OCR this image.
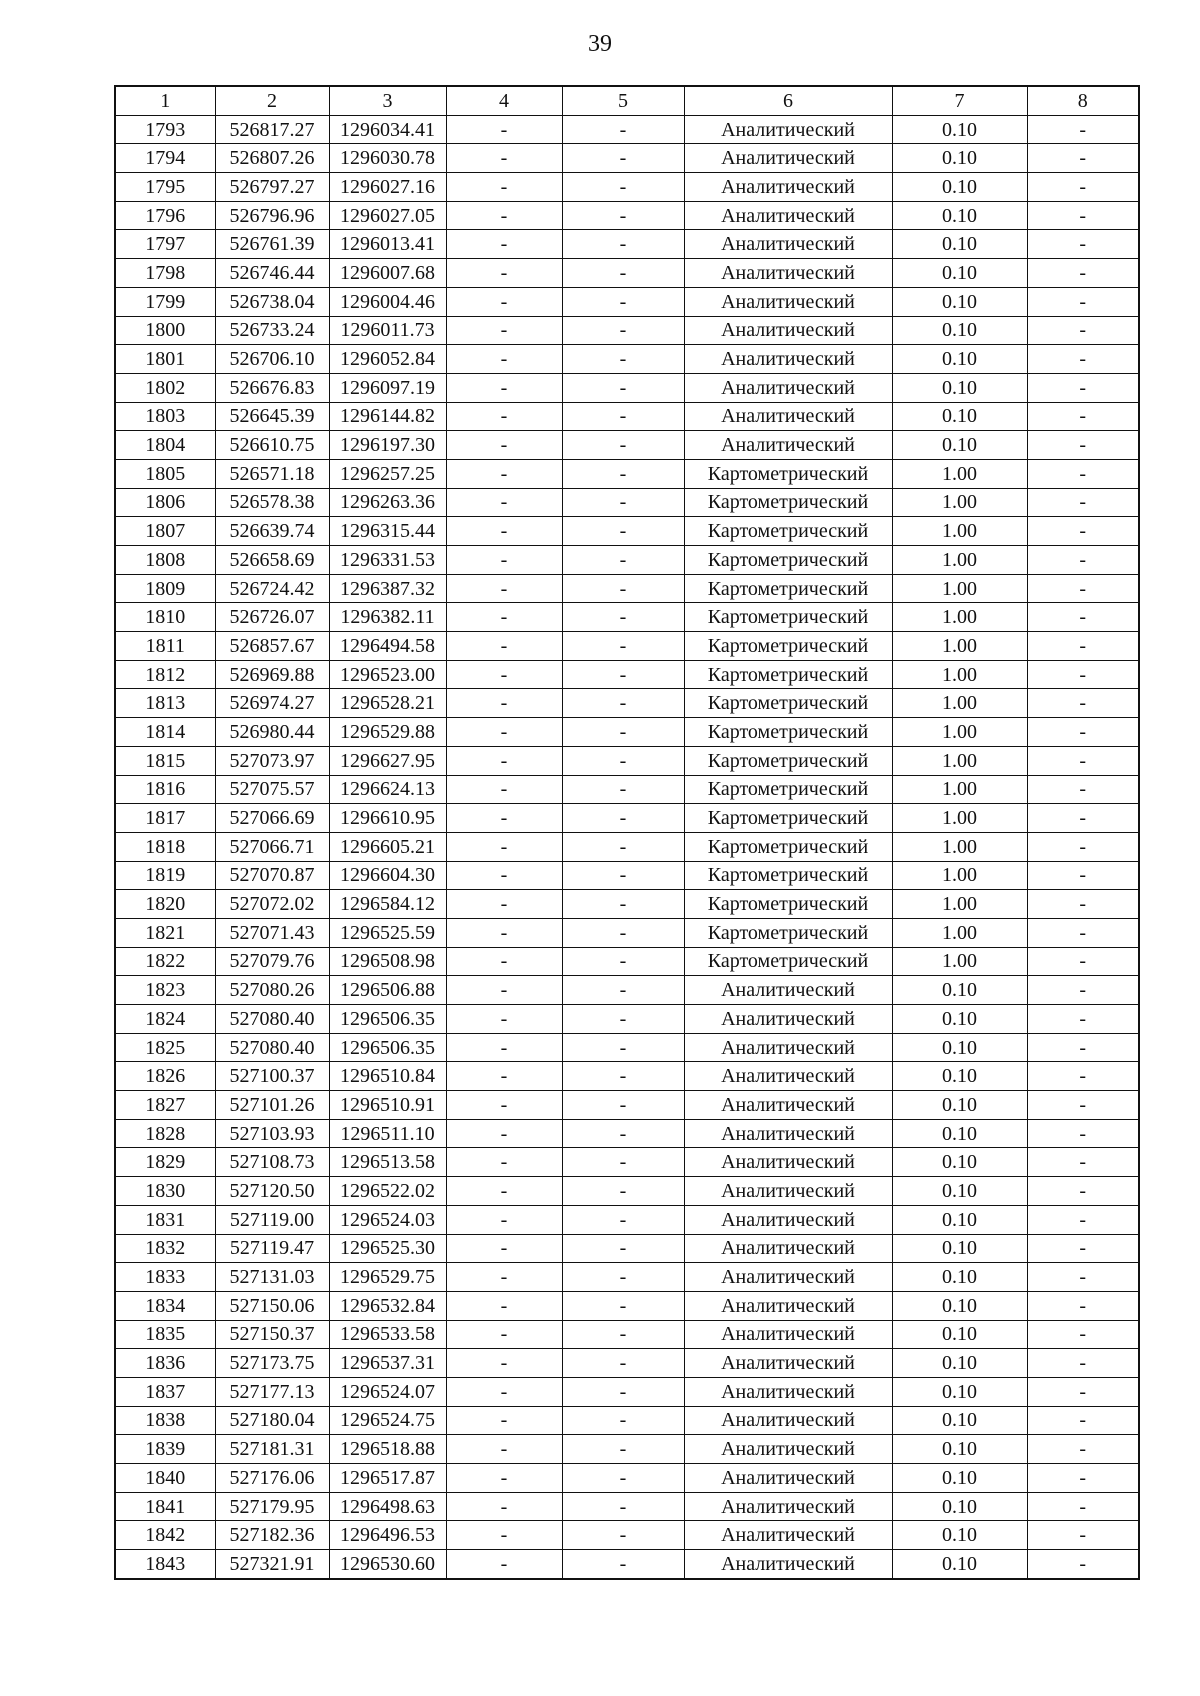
39
1	2	3	4	5	6	7	8
1793	526817.27	1296034.41	-	-	Аналитический	0.10	-
1794	526807.26	1296030.78	-	-	Аналитический	0.10	-
1795	526797.27	1296027.16	-	-	Аналитический	0.10	-
1796	526796.96	1296027.05	-	-	Аналитический	0.10	-
1797	526761.39	1296013.41	-	-	Аналитический	0.10	-
1798	526746.44	1296007.68	-	-	Аналитический	0.10	-
1799	526738.04	1296004.46	-	-	Аналитический	0.10	-
1800	526733.24	1296011.73	-	-	Аналитический	0.10	-
1801	526706.10	1296052.84	-	-	Аналитический	0.10	-
1802	526676.83	1296097.19	-	-	Аналитический	0.10	-
1803	526645.39	1296144.82	-	-	Аналитический	0.10	-
1804	526610.75	1296197.30	-	-	Аналитический	0.10	-
1805	526571.18	1296257.25	-	-	Картометрический	1.00	-
1806	526578.38	1296263.36	-	-	Картометрический	1.00	-
1807	526639.74	1296315.44	-	-	Картометрический	1.00	-
1808	526658.69	1296331.53	-	-	Картометрический	1.00	-
1809	526724.42	1296387.32	-	-	Картометрический	1.00	-
1810	526726.07	1296382.11	-	-	Картометрический	1.00	-
1811	526857.67	1296494.58	-	-	Картометрический	1.00	-
1812	526969.88	1296523.00	-	-	Картометрический	1.00	-
1813	526974.27	1296528.21	-	-	Картометрический	1.00	-
1814	526980.44	1296529.88	-	-	Картометрический	1.00	-
1815	527073.97	1296627.95	-	-	Картометрический	1.00	-
1816	527075.57	1296624.13	-	-	Картометрический	1.00	-
1817	527066.69	1296610.95	-	-	Картометрический	1.00	-
1818	527066.71	1296605.21	-	-	Картометрический	1.00	-
1819	527070.87	1296604.30	-	-	Картометрический	1.00	-
1820	527072.02	1296584.12	-	-	Картометрический	1.00	-
1821	527071.43	1296525.59	-	-	Картометрический	1.00	-
1822	527079.76	1296508.98	-	-	Картометрический	1.00	-
1823	527080.26	1296506.88	-	-	Аналитический	0.10	-
1824	527080.40	1296506.35	-	-	Аналитический	0.10	-
1825	527080.40	1296506.35	-	-	Аналитический	0.10	-
1826	527100.37	1296510.84	-	-	Аналитический	0.10	-
1827	527101.26	1296510.91	-	-	Аналитический	0.10	-
1828	527103.93	1296511.10	-	-	Аналитический	0.10	-
1829	527108.73	1296513.58	-	-	Аналитический	0.10	-
1830	527120.50	1296522.02	-	-	Аналитический	0.10	-
1831	527119.00	1296524.03	-	-	Аналитический	0.10	-
1832	527119.47	1296525.30	-	-	Аналитический	0.10	-
1833	527131.03	1296529.75	-	-	Аналитический	0.10	-
1834	527150.06	1296532.84	-	-	Аналитический	0.10	-
1835	527150.37	1296533.58	-	-	Аналитический	0.10	-
1836	527173.75	1296537.31	-	-	Аналитический	0.10	-
1837	527177.13	1296524.07	-	-	Аналитический	0.10	-
1838	527180.04	1296524.75	-	-	Аналитический	0.10	-
1839	527181.31	1296518.88	-	-	Аналитический	0.10	-
1840	527176.06	1296517.87	-	-	Аналитический	0.10	-
1841	527179.95	1296498.63	-	-	Аналитический	0.10	-
1842	527182.36	1296496.53	-	-	Аналитический	0.10	-
1843	527321.91	1296530.60	-	-	Аналитический	0.10	-
